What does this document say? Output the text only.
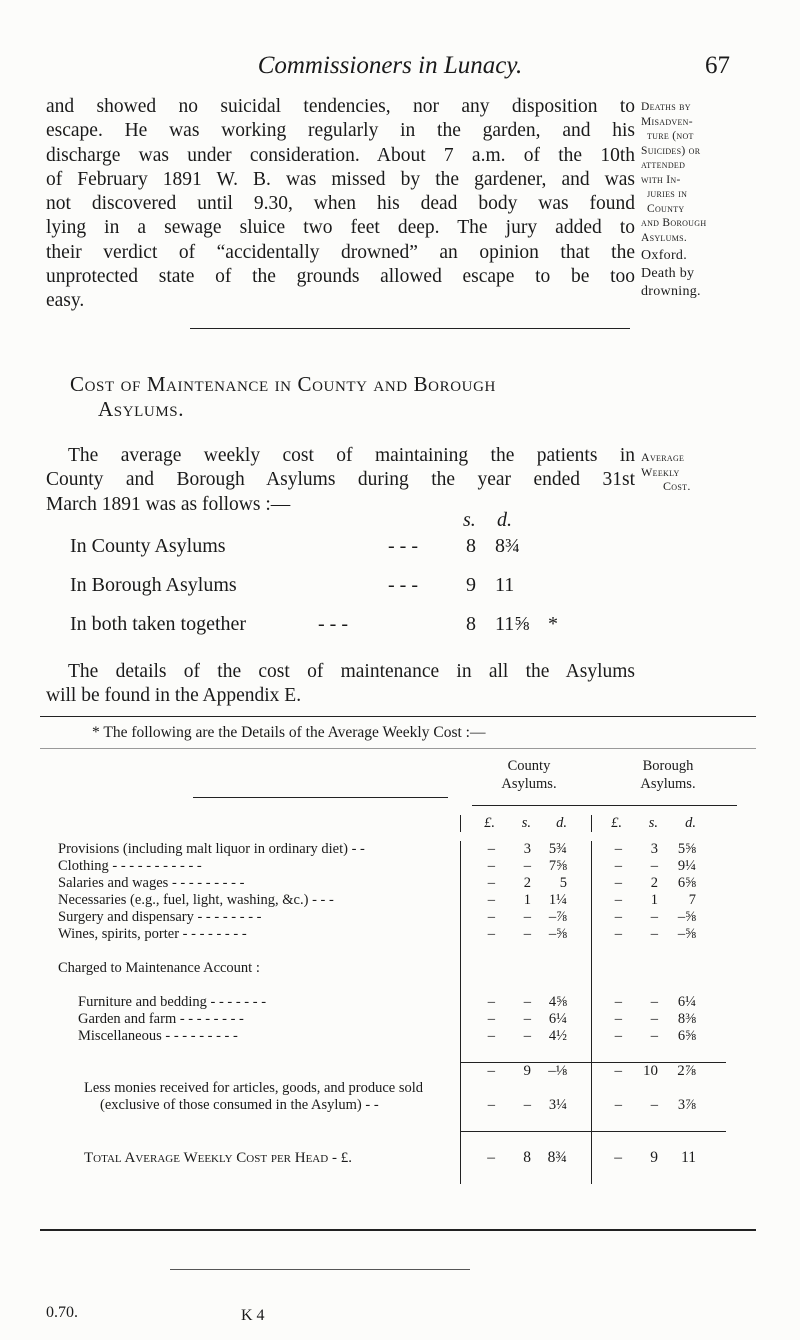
Commissioners in Lunacy.	67
and showed no suicidal tendencies, nor any disposition to
escape. He was working regularly in the garden, and his
discharge was under consideration. About 7 a.m. of the 10th
of February 1891 W. B. was missed by the gardener, and was
not discovered until 9.30, when his dead body was found
lying in a sewage sluice two feet deep. The jury added to
their verdict of “accidentally drowned” an opinion that the
unprotected state of the grounds allowed escape to be too
easy.
Deaths by
Misadven-
ture (not
Suicides) or
attended
with In-
juries in
County
and Borough
Asylums.
Oxford.
Death by
drowning.
Cost of Maintenance in County and Borough
Asylums.
The average weekly cost of maintaining the patients in
County and Borough Asylums during the year ended 31st
March 1891 was as follows :—
Average
Weekly
Cost.
s. d.
In County Asylums	- - - 8 8¾
In Borough Asylums	- - - 9 11
In both taken together	- - -	8 11⅝ *
The details of the cost of maintenance in all the Asylums
will be found in the Appendix E.
* The following are the Details of the Average Weekly Cost :—
County
Asylums.
Borough
Asylums.
	£.	s.	d.	£.	s.	d.

Provisions (including malt liquor in ordinary diet) - -	–	3	5¾	–	3	5⅝
Clothing - - - - - - - - - - -	–	–	7⅝	–	–	9¼
Salaries and wages - - - - - - - - -	–	2	5	–	2	6⅝
Necessaries (e.g., fuel, light, washing, &c.) - - -	–	1	1¼	–	1	7
Surgery and dispensary - - - - - - - -	–	–	–⅞	–	–	–⅝
Wines, spirits, porter - - - - - - - -	–	–	–⅝	–	–	–⅝

Charged to Maintenance Account :						

Furniture and bedding - - - - - - -	–	–	4⅝	–	–	6¼
Garden and farm - - - - - - - -	–	–	6¼	–	–	8⅜
Miscellaneous - - - - - - - - -	–	–	4½	–	–	6⅝

	–	9	–⅛	–	10	2⅞
Less monies received for articles, goods, and produce sold						
(exclusive of those consumed in the Asylum) - -	–	–	3¼	–	–	3⅞

Total Average Weekly Cost per Head - £.	–	8	8¾	–	9	11

0.70.	K 4
